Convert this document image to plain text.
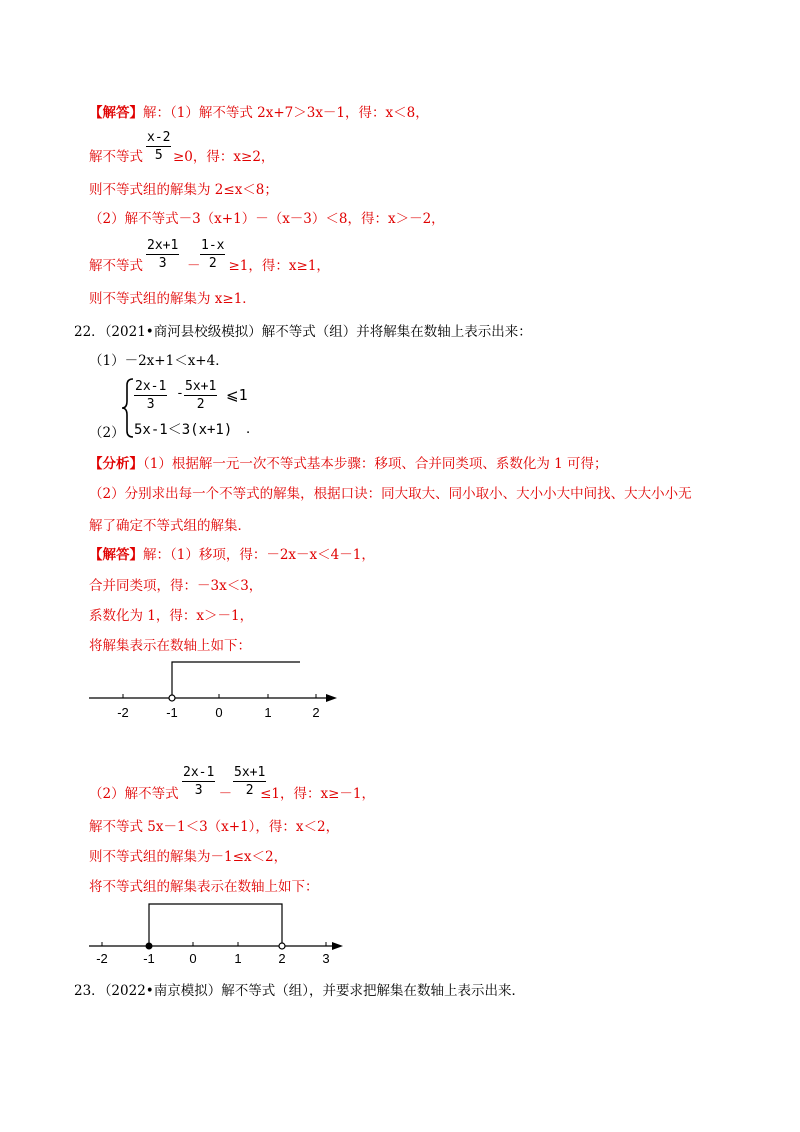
【解答】解：（1）解不等式 2x+7＞3x－1，得：x＜8，
$\frac{x-2}{5}$
解不等式 ≥0，得：x≥2，
则不等式组的解集为 2≤x＜8；
（2）解不等式－3（x+1）－（x－3）＜8，得：x＞－2，
$\frac{2x+1}{3} \frac{1-x}{2}$
解不等式	－ ≥1，得：x≥1，
则不等式组的解集为 x≥1．
22．（2021•商河县校级模拟）解不等式（组）并将解集在数轴上表示出来：
（1）－2x+1＜x+4．
$\frac{2x-1}{3} - \frac{5x+1}{2}$ ⩽1
5x-1＜3(x+1) ．
（2）
【分析】（1）根据解一元一次不等式基本步骤：移项、合并同类项、系数化为 1 可得；
（2）分别求出每一个不等式的解集，根据口诀：同大取大、同小取小、大小小大中间找、大大小小无
解了确定不等式组的解集．
【解答】解：（1）移项，得：－2x－x＜4－1，
合并同类项，得：－3x＜3，
系数化为 1，得：x＞－1，
将解集表示在数轴上如下：
-2	-1	0	1	2
$\frac{2x-1}{3} \frac{5x+1}{2}$
（2）解不等式	－ ≤1，得：x≥－1，
解不等式 5x－1＜3（x+1），得：x＜2，
则不等式组的解集为－1≤x＜2，
将不等式组的解集表示在数轴上如下：
-2	-1	0	1	2	3
23．（2022•南京模拟）解不等式（组），并要求把解集在数轴上表示出来．
